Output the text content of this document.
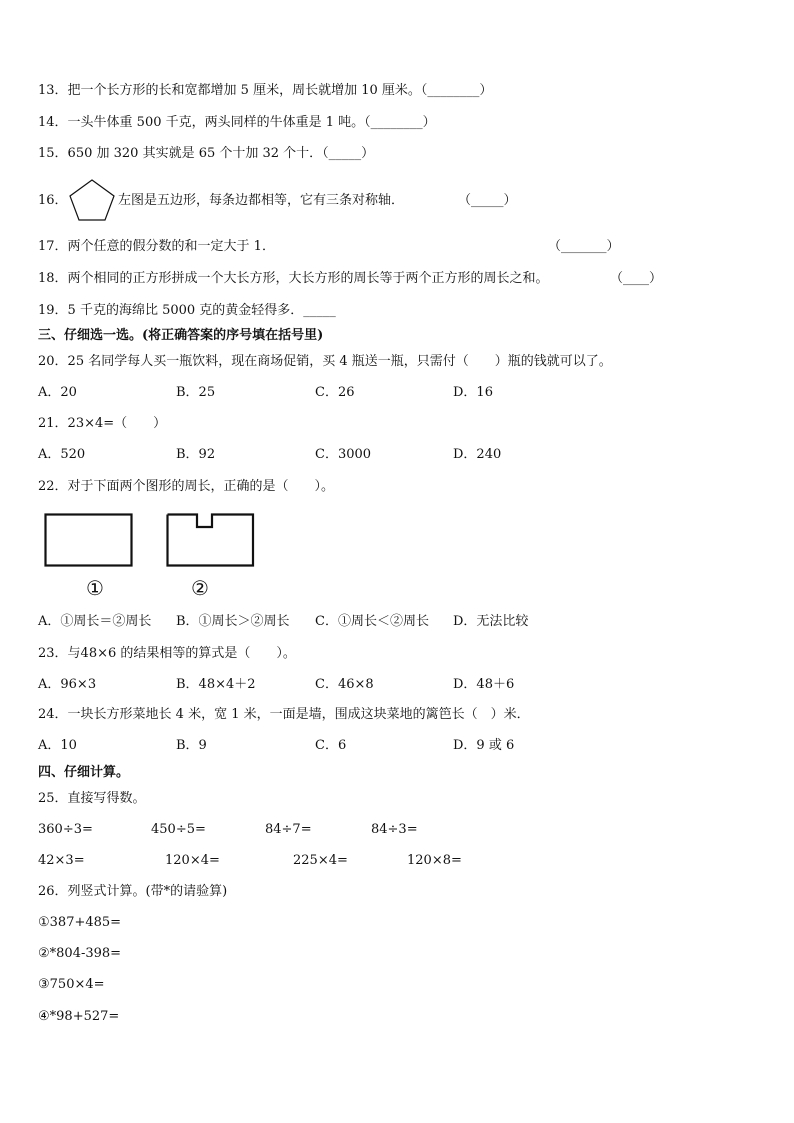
13．把一个长方形的长和宽都增加 5 厘米，周长就增加 10 厘米。（________）
14．一头牛体重 500 千克，两头同样的牛体重是 1 吨。（________）
15．650 加 320 其实就是 65 个十加 32 个十．（_____）
16．	左图是五边形，每条边都相等，它有三条对称轴．	（_____）
17．两个任意的假分数的和一定大于 1．	（_______）
18．两个相同的正方形拼成一个大长方形，大长方形的周长等于两个正方形的周长之和。	（____）
19．5 千克的海绵比 5000 克的黄金轻得多．_____
三、仔细选一选。(将正确答案的序号填在括号里)
20．25 名同学每人买一瓶饮料，现在商场促销，买 4 瓶送一瓶，只需付（　　）瓶的钱就可以了。
A．20	B．25	C．26	D．16
21．23×4=（　　）
A．520	B．92	C．3000	D．240
22．对于下面两个图形的周长，正确的是（　　）。
①	②
A．①周长＝②周长 B．①周长＞②周长 C．①周长＜②周长 D．无法比较
23．与48×6 的结果相等的算式是（　　）。
A．96×3	B．48×4＋2	C．46×8	D．48＋6
24．一块长方形菜地长 4 米，宽 1 米，一面是墙，围成这块菜地的篱笆长（　）米．
A．10	B．9	C．6	D．9 或 6
四、仔细计算。
25．直接写得数。
360÷3=	450÷5=	84÷7=	84÷3=
42×3=	120×4=	225×4=	120×8=
26．列竖式计算。(带*的请验算)
①387+485=
②*804-398=
③750×4=
④*98+527=
